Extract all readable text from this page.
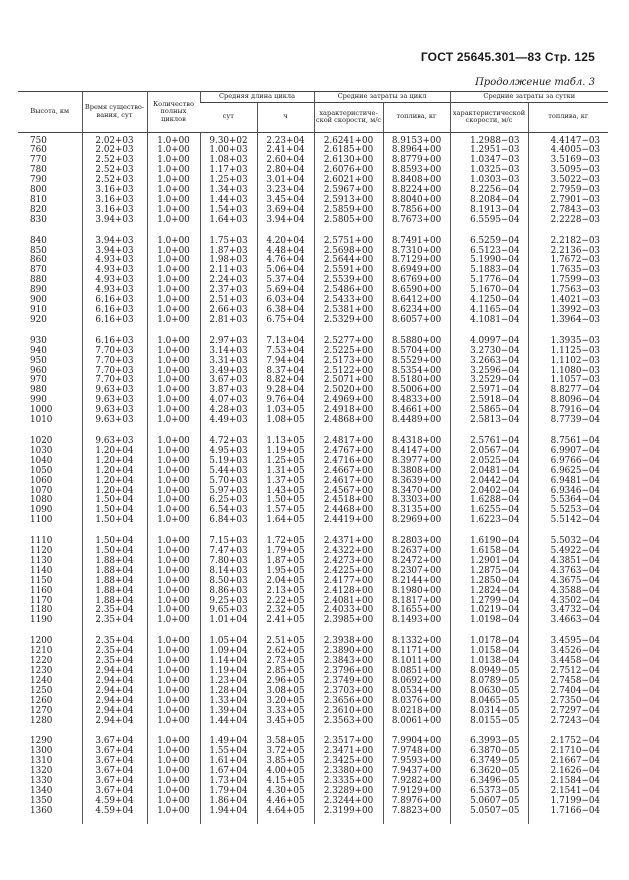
ГОСТ 25645.301—83 Стр. 125
Продолжение табл. 3
Высота, км	Время существования, сут	Количество полных циклов	Средняя длина цикла		Средние затраты за цикл		Средние затраты за сутки	
			сут	ч	характеристической скорости, м/с	топлива, кг	характеристической скорости, м/с	топлива, кг
750	2.02+03	1.0+00	9.30+02	2.23+04	2.6241+00	8.9153+00	1.2988−03	4.4147−03
760	2.02+03	1.0+00	1.00+03	2.41+04	2.6185+00	8.8964+00	1.2951−03	4.4005−03
770	2.52+03	1.0+00	1.08+03	2.60+04	2.6130+00	8.8779+00	1.0347−03	3.5169−03
780	2.52+03	1.0+00	1.17+03	2.80+04	2.6076+00	8.8593+00	1.0325−03	3.5095−03
790	2.52+03	1.0+00	1.25+03	3.01+04	2.6021+00	8.8408+00	1.0303−03	3.5022−03
800	3.16+03	1.0+00	1.34+03	3.23+04	2.5967+00	8.8224+00	8.2256−04	2.7959−03
810	3.16+03	1.0+00	1.44+03	3.45+04	2.5913+00	8.8040+00	8.2084−04	2.7901−03
820	3.16+03	1.0+00	1.54+03	3.69+04	2.5859+00	8.7856+00	8.1913−04	2.7843−03
830	3.94+03	1.0+00	1.64+03	3.94+04	2.5805+00	8.7673+00	6.5595−04	2.2228−03
840	3.94+03	1.0+00	1.75+03	4.20+04	2.5751+00	8.7491+00	6.5259−04	2.2182−03
850	3.94+03	1.0+00	1.87+03	4.48+04	2.5698+00	8.7310+00	6.5123−04	2.2136−03
860	4.93+03	1.0+00	1.98+03	4.76+04	2.5644+00	8.7129+00	5.1990−04	1.7672−03
870	4.93+03	1.0+00	2.11+03	5.06+04	2.5591+00	8.6949+00	5.1883−04	1.7635−03
880	4.93+03	1.0+00	2.24+03	5.37+04	2.5539+00	8.6769+00	5.1776−04	1.7599−03
890	4.93+03	1.0+00	2.37+03	5.69+04	2.5486+00	8.6590+00	5.1670−04	1.7563−03
900	6.16+03	1.0+00	2.51+03	6.03+04	2.5433+00	8.6412+00	4.1250−04	1.4021−03
910	6.16+03	1.0+00	2.66+03	6.38+04	2.5381+00	8.6234+00	4.1165−04	1.3992−03
920	6.16+03	1.0+00	2.81+03	6.75+04	2.5329+00	8.6057+00	4.1081−04	1.3964−03
930	6.16+03	1.0+00	2.97+03	7.13+04	2.5277+00	8.5880+00	4.0997−04	1.3935−03
940	7.70+03	1.0+00	3.14+03	7.53+04	2.5225+00	8.5704+00	3.2730−04	1.1125−03
950	7.70+03	1.0+00	3.31+03	7.94+04	2.5173+00	8.5529+00	3.2663−04	1.1102−03
960	7.70+03	1.0+00	3.49+03	8.37+04	2.5122+00	8.5354+00	3.2596−04	1.1080−03
970	7.70+03	1.0+00	3.67+03	8.82+04	2.5071+00	8.5180+00	3.2529−04	1.1057−03
980	9.63+03	1.0+00	3.87+03	9.28+04	2.5020+00	8.5006+00	2.5971−04	8.8277−04
990	9.63+03	1.0+00	4.07+03	9.76+04	2.4969+00	8.4833+00	2.5918−04	8.8096−04
1000	9.63+03	1.0+00	4.28+03	1.03+05	2.4918+00	8.4661+00	2.5865−04	8.7916−04
1010	9.63+03	1.0+00	4.49+03	1.08+05	2.4868+00	8.4489+00	2.5813−04	8.7739−04
1020	9.63+03	1.0+00	4.72+03	1.13+05	2.4817+00	8.4318+00	2.5761−04	8.7561−04
1030	1.20+04	1.0+00	4.95+03	1.19+05	2.4767+00	8.4147+00	2.0567−04	6.9907−04
1040	1.20+04	1.0+00	5.19+03	1.25+05	2.4716+00	8.3977+00	2.0525−04	6.9766−04
1050	1.20+04	1.0+00	5.44+03	1.31+05	2.4667+00	8.3808+00	2.0481−04	6.9625−04
1060	1.20+04	1.0+00	5.70+03	1.37+05	2.4617+00	8.3639+00	2.0442−04	6.9481−04
1070	1.20+04	1.0+00	5.97+03	1.43+05	2.4567+00	8.3470+00	2.0402−04	6.9346−04
1080	1.50+04	1.0+00	6.25+03	1.50+05	2.4518+00	8.3303+00	1.6288−04	5.5364−04
1090	1.50+04	1.0+00	6.54+03	1.57+05	2.4468+00	8.3135+00	1.6255−04	5.5253−04
1100	1.50+04	1.0+00	6.84+03	1.64+05	2.4419+00	8.2969+00	1.6223−04	5.5142−04
1110	1.50+04	1.0+00	7.15+03	1.72+05	2.4371+00	8.2803+00	1.6190−04	5.5032−04
1120	1.50+04	1.0+00	7.47+03	1.79+05	2.4322+00	8.2637+00	1.6158−04	5.4922−04
1130	1.88+04	1.0+00	7.80+03	1.87+05	2.4273+00	8.2472+00	1.2901−04	4.3851−04
1140	1.88+04	1.0+00	8.14+03	1.95+05	2.4225+00	8.2307+00	1.2875−04	4.3763−04
1150	1.88+04	1.0+00	8.50+03	2.04+05	2.4177+00	8.2144+00	1.2850−04	4.3675−04
1160	1.88+04	1.0+00	8.86+03	2.13+05	2.4128+00	8.1980+00	1.2824−04	4.3588−04
1170	1.88+04	1.0+00	9.25+03	2.22+05	2.4081+00	8.1817+00	1.2799−04	4.3502−04
1180	2.35+04	1.0+00	9.65+03	2.32+05	2.4033+00	8.1655+00	1.0219−04	3.4732−04
1190	2.35+04	1.0+00	1.01+04	2.41+05	2.3985+00	8.1493+00	1.0198−04	3.4663−04
1200	2.35+04	1.0+00	1.05+04	2.51+05	2.3938+00	8.1332+00	1.0178−04	3.4595−04
1210	2.35+04	1.0+00	1.09+04	2.62+05	2.3890+00	8.1171+00	1.0158−04	3.4526−04
1220	2.35+04	1.0+00	1.14+04	2.73+05	2.3843+00	8.1011+00	1.0138−04	3.4458−04
1230	2.94+04	1.0+00	1.19+04	2.85+05	2.3796+00	8.0851+00	8.0949−05	2.7512−04
1240	2.94+04	1.0+00	1.23+04	2.96+05	2.3749+00	8.0692+00	8.0789−05	2.7458−04
1250	2.94+04	1.0+00	1.28+04	3.08+05	2.3703+00	8.0534+00	8.0630−05	2.7404−04
1260	2.94+04	1.0+00	1.33+04	3.20+05	2.3656+00	8.0376+00	8.0465−05	2.7350−04
1270	2.94+04	1.0+00	1.39+04	3.33+05	2.3610+00	8.0218+00	8.0314−05	2.7297−04
1280	2.94+04	1.0+00	1.44+04	3.45+05	2.3563+00	8.0061+00	8.0155−05	2.7243−04
1290	3.67+04	1.0+00	1.49+04	3.58+05	2.3517+00	7.9904+00	6.3993−05	2.1752−04
1300	3.67+04	1.0+00	1.55+04	3.72+05	2.3471+00	7.9748+00	6.3870−05	2.1710−04
1310	3.67+04	1.0+00	1.61+04	3.85+05	2.3425+00	7.9593+00	6.3749−05	2.1667−04
1320	3.67+04	1.0+00	1.67+04	4.00+05	2.3380+00	7.9437+00	6.3620−05	2.1626−04
1330	3.67+04	1.0+00	1.73+04	4.15+05	2.3335+00	7.9282+00	6.3496−05	2.1584−04
1340	3.67+04	1.0+00	1.79+04	4.30+05	2.3289+00	7.9129+00	6.5373−05	2.1541−04
1350	4.59+04	1.0+00	1.86+04	4.46+05	2.3244+00	7.8976+00	5.0607−05	1.7199−04
1360	4.59+04	1.0+00	1.94+04	4.64+05	2.3199+00	7.8823+00	5.0507−05	1.7166−04
